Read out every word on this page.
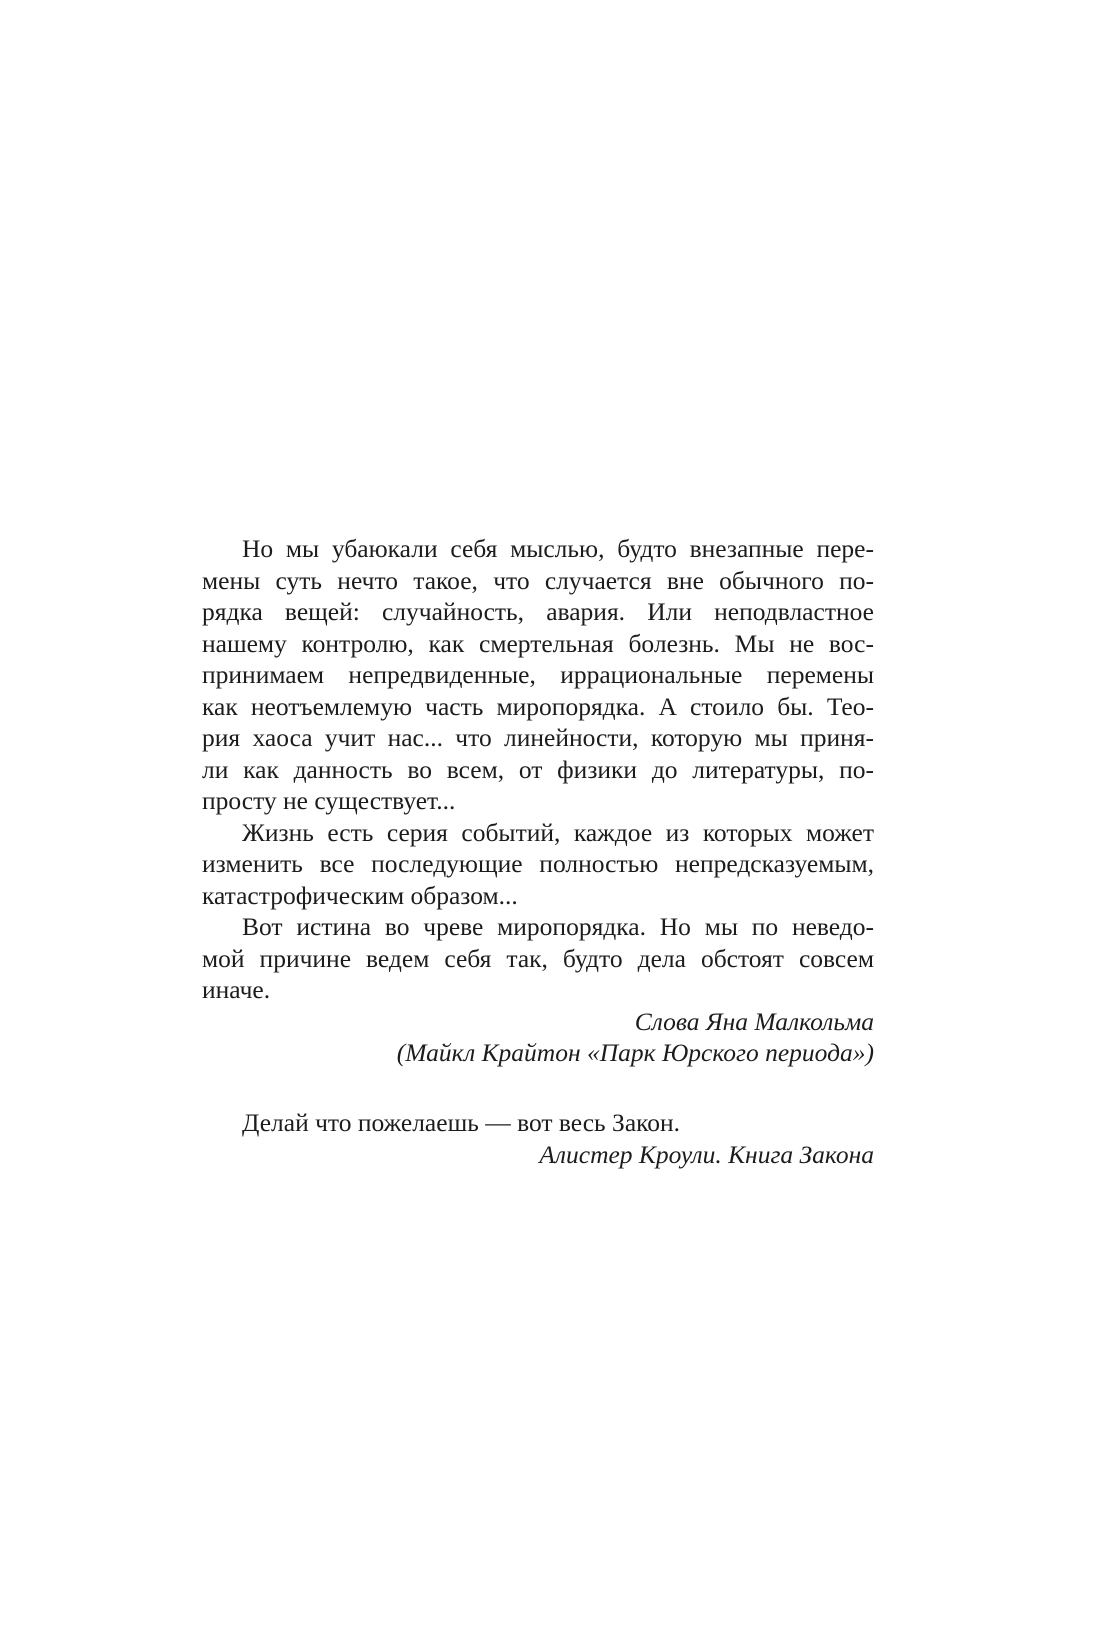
Но мы убаюкали себя мыслью, будто внезапные пере-
мены суть нечто такое, что случается вне обычного по-
рядка вещей: случайность, авария. Или неподвластное
нашему контролю, как смертельная болезнь. Мы не вос-
принимаем непредвиденные, иррациональные перемены
как неотъемлемую часть миропорядка. А стоило бы. Тео-
рия хаоса учит нас... что линейности, которую мы приня-
ли как данность во всем, от физики до литературы, по-
просту не существует...
Жизнь есть серия событий, каждое из которых может
изменить все последующие полностью непредсказуемым,
катастрофическим образом...
Вот истина во чреве миропорядка. Но мы по неведо-
мой причине ведем себя так, будто дела обстоят совсем
иначе.
Слова Яна Малкольма
(Майкл Крайтон «Парк Юрского периода»)
Делай что пожелаешь — вот весь Закон.
Алистер Кроули. Книга Закона
